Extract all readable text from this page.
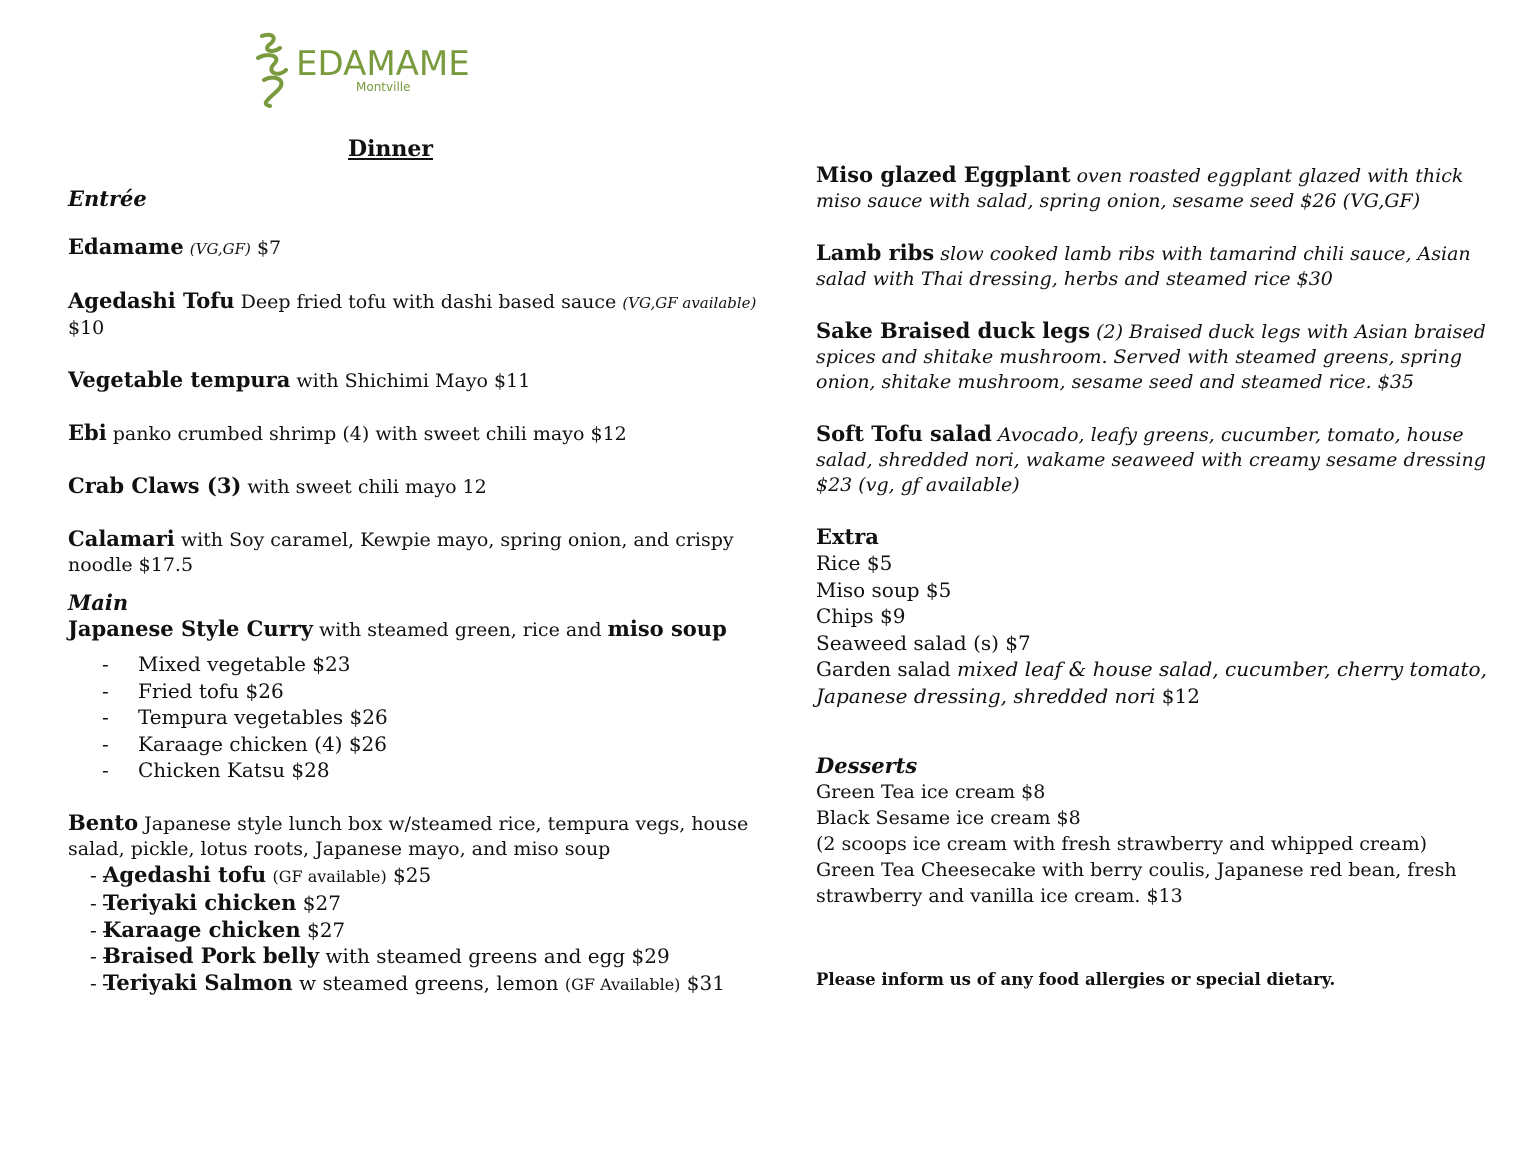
EDAMAME
Montville
Dinner
Entrée
Edamame (VG,GF) $7
Agedashi Tofu Deep fried tofu with dashi based sauce (VG,GF available) $10
Vegetable tempura with Shichimi Mayo $11
Ebi panko crumbed shrimp (4) with sweet chili mayo $12
Crab Claws (3) with sweet chili mayo 12
Calamari with Soy caramel, Kewpie mayo, spring onion, and crispy noodle $17.5
Main
Japanese Style Curry with steamed green, rice and miso soup
- Mixed vegetable $23
- Fried tofu $26
- Tempura vegetables $26
- Karaage chicken (4) $26
- Chicken Katsu $28
Bento Japanese style lunch box w/steamed rice, tempura vegs, house salad, pickle, lotus roots, Japanese mayo, and miso soup
- - Agedashi tofu (GF available) $25
- - Teriyaki chicken $27
- - Karaage chicken $27
- - Braised Pork belly with steamed greens and egg $29
- - Teriyaki Salmon w steamed greens, lemon (GF Available) $31
Miso glazed Eggplant oven roasted eggplant glazed with thick miso sauce with salad, spring onion, sesame seed $26 (VG,GF)
Lamb ribs slow cooked lamb ribs with tamarind chili sauce, Asian salad with Thai dressing, herbs and steamed rice $30
Sake Braised duck legs (2) Braised duck legs with Asian braised spices and shitake mushroom. Served with steamed greens, spring onion, shitake mushroom, sesame seed and steamed rice. $35
Soft Tofu salad Avocado, leafy greens, cucumber, tomato, house salad, shredded nori, wakame seaweed with creamy sesame dressing $23 (vg, gf available)
Extra
Rice $5
Miso soup $5
Chips $9
Seaweed salad (s) $7
Garden salad mixed leaf & house salad, cucumber, cherry tomato, Japanese dressing, shredded nori $12
Desserts
Green Tea ice cream $8
Black Sesame ice cream $8
(2 scoops ice cream with fresh strawberry and whipped cream)
Green Tea Cheesecake with berry coulis, Japanese red bean, fresh strawberry and vanilla ice cream. $13
Please inform us of any food allergies or special dietary.
